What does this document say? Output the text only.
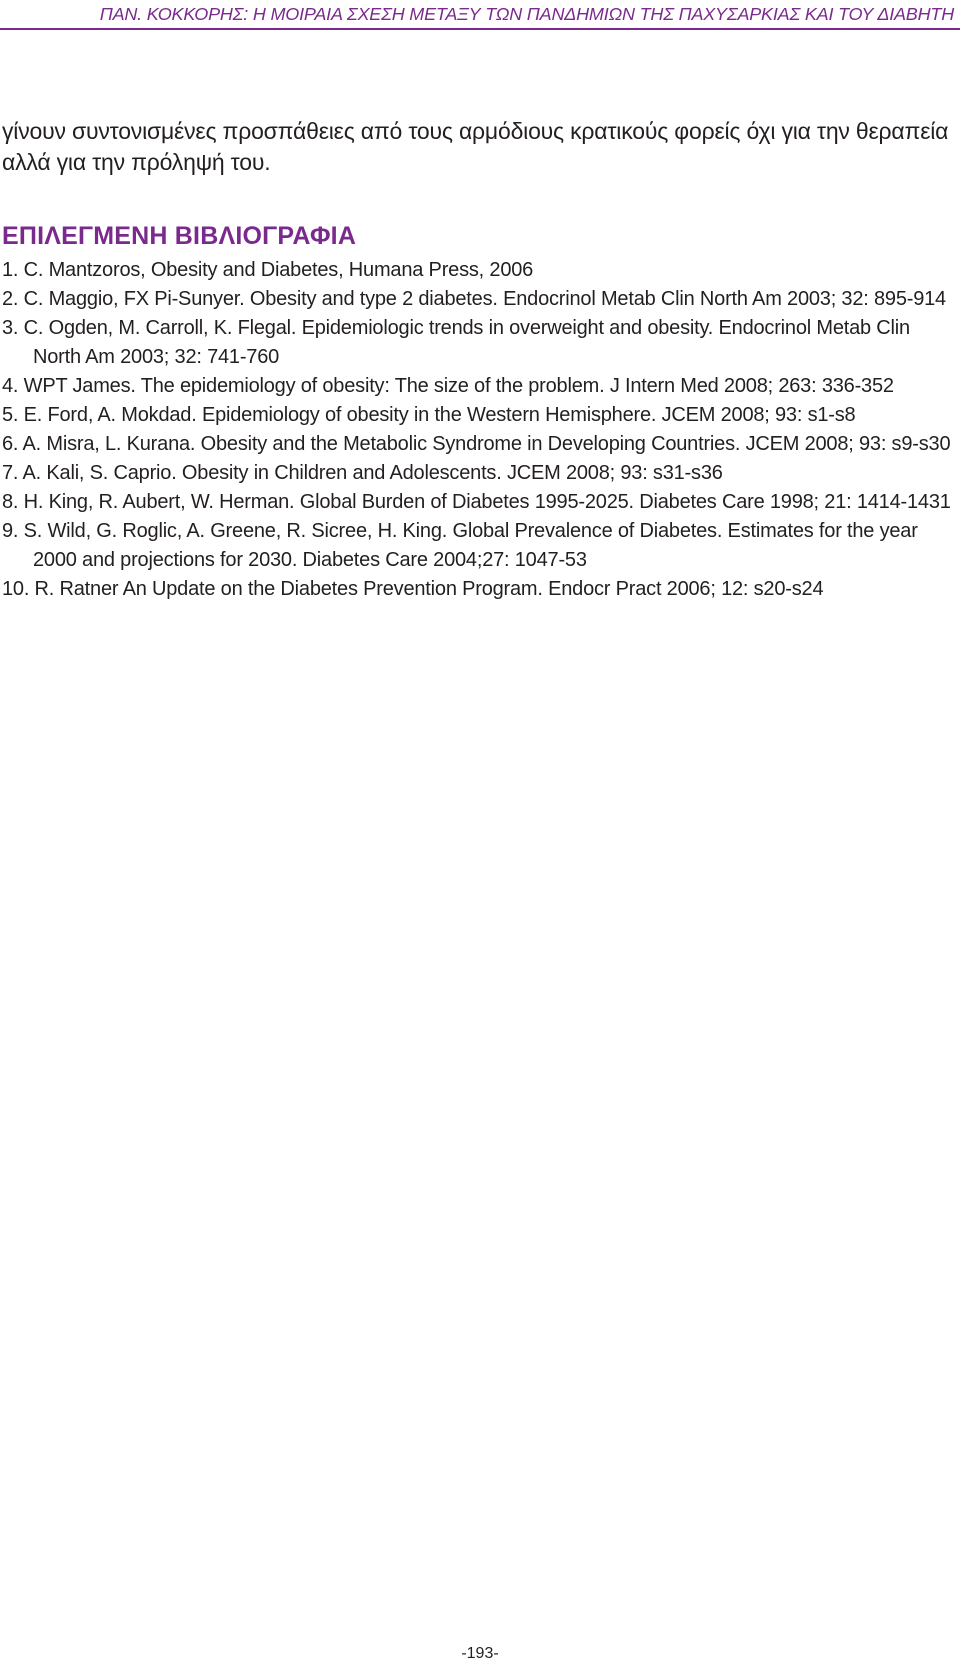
ΠΑΝ. ΚΟΚΚΟΡΗΣ: Η ΜΟΙΡΑΙΑ ΣΧΕΣΗ ΜΕΤΑΞΥ ΤΩΝ ΠΑΝΔΗΜΙΩΝ ΤΗΣ ΠΑΧΥΣΑΡΚΙΑΣ ΚΑΙ ΤΟΥ ΔΙΑΒΗΤΗ

γίνουν συντονισμένες προσπάθειες από τους αρμόδιους κρατικούς φορείς όχι για την θεραπεία αλλά για την πρόληψή του.

ΕΠΙΛΕΓΜΕΝΗ ΒΙΒΛΙΟΓΡΑΦΙΑ
1. C. Mantzoros, Obesity and Diabetes, Humana Press, 2006
2. C. Maggio, FX Pi-Sunyer. Obesity and type 2 diabetes. Endocrinol Metab Clin North Am 2003; 32: 895-914
3. C. Ogden, M. Carroll, K. Flegal. Epidemiologic trends in overweight and obesity. Endocrinol Metab Clin North Am 2003; 32: 741-760
4. WPT James. The epidemiology of obesity: The size of the problem. J Intern Med 2008; 263: 336-352
5. E. Ford, A. Mokdad. Epidemiology of obesity in the Western Hemisphere. JCEM 2008; 93: s1-s8
6. A. Misra, L. Kurana. Obesity and the Metabolic Syndrome in Developing Countries. JCEM 2008; 93: s9-s30
7. A. Kali, S. Caprio. Obesity in Children and Adolescents. JCEM 2008; 93: s31-s36
8. H. King, R. Aubert, W. Herman. Global Burden of Diabetes 1995-2025. Diabetes Care 1998; 21: 1414-1431
9. S. Wild, G. Roglic, A. Greene, R. Sicree, H. King. Global Prevalence of Diabetes. Estimates for the year 2000 and projections for 2030. Diabetes Care 2004;27: 1047-53
10. R. Ratner An Update on the Diabetes Prevention Program. Endocr Pract 2006; 12: s20-s24
-193-
